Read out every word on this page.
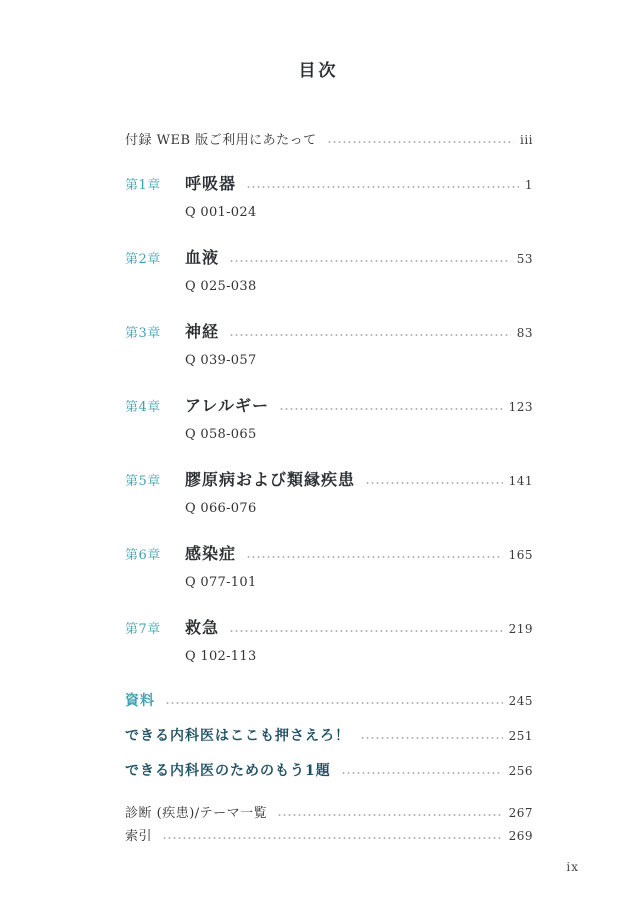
目次
付録 WEB 版ご利用にあたって	iii
第1章	呼吸器	1
Q 001-024
第2章	血液	53
Q 025-038
第3章	神経	83
Q 039-057
第4章	アレルギー	123
Q 058-065
第5章	膠原病および類縁疾患	141
Q 066-076
第6章	感染症	165
Q 077-101
第7章	救急	219
Q 102-113
資料	245
できる内科医はここも押さえろ！	251
できる内科医のためのもう1題	256
診断 (疾患)/テーマ一覧	267
索引	269
ix
